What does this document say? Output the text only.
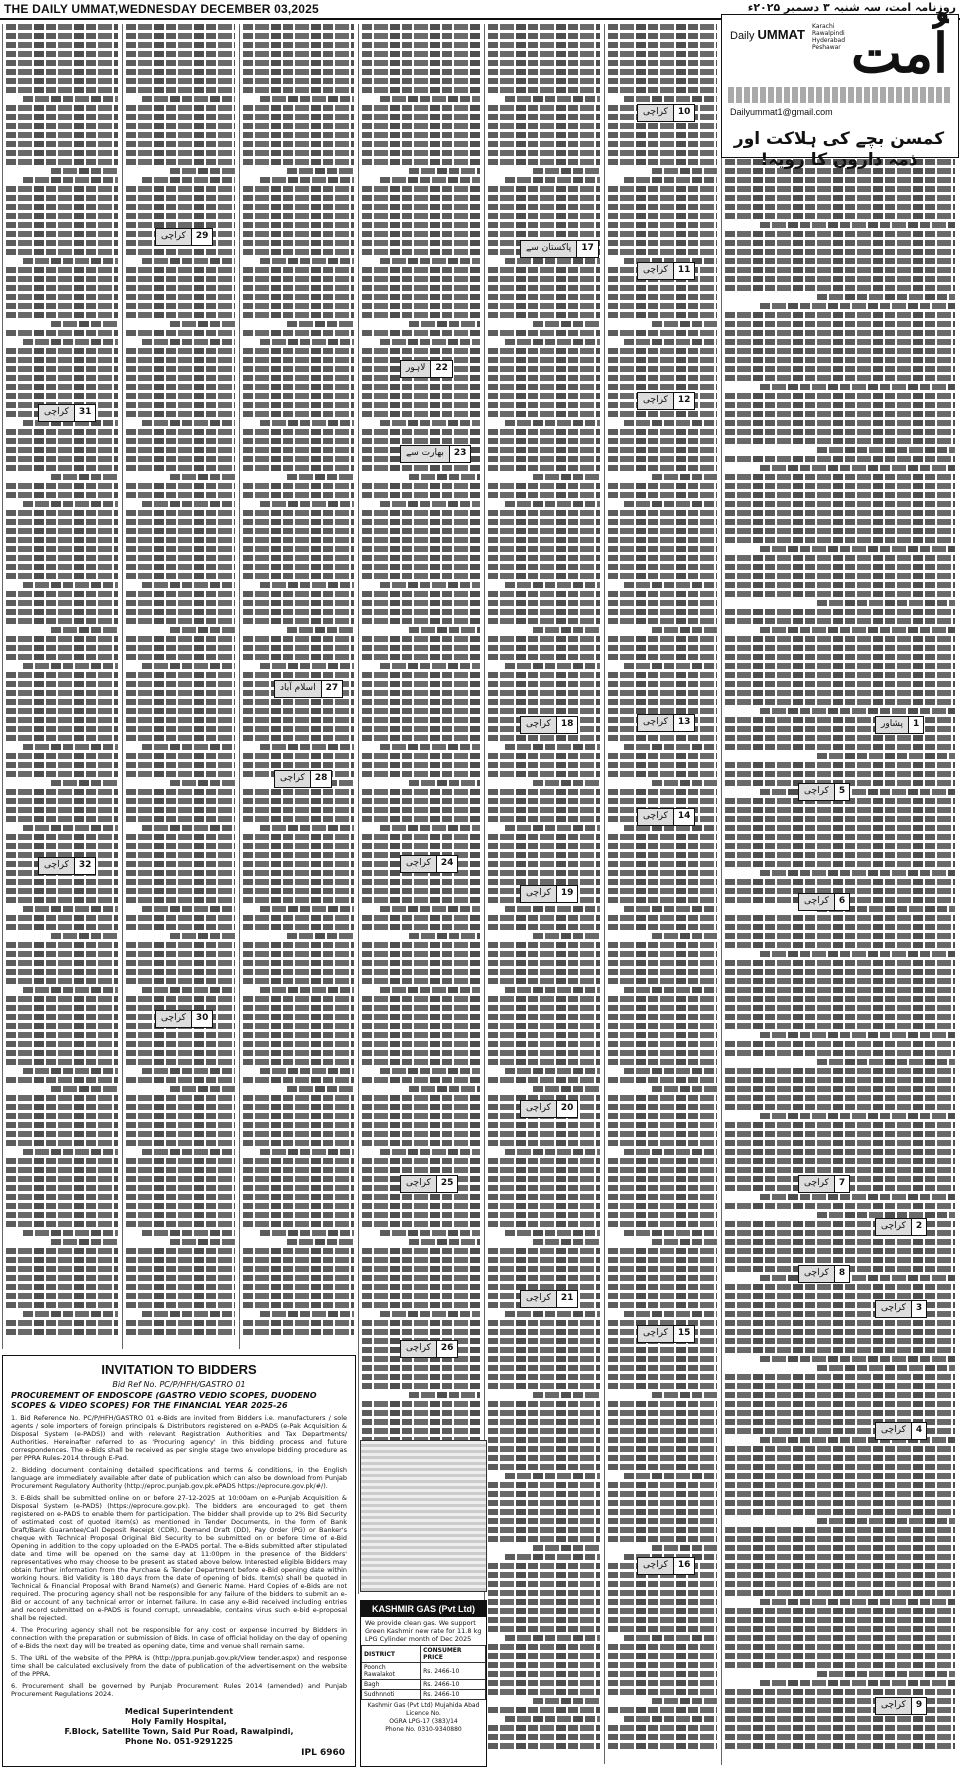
THE DAILY UMMAT,WEDNESDAY DECEMBER 03,2025	روزنامہ امت، سہ شنبہ ۳ دسمبر ۲۰۲۵ء
اُمت
Daily UMMAT
Karachi
Rawalpindi
Hyderabad
Peshawar
Dailyummat1@gmail.com
کمسن بچے کی ہلاکت اور ذمہ داروں کا رویہ!
10
کراچی
17
پاکستان سے
22
لاہور
23
بھارت سے
27
اسلام آباد
28
کراچی
29
کراچی
31
کراچی
11
کراچی
12
کراچی
13
کراچی
18
کراچی	1
پشاور
5
کراچی
6
کراچی
14
کراچی
19
کراچی
24
کراچی
30
کراچی
32
کراچی
20
کراچی
25
کراچی	7
کراچی
2
کراچی
8
کراچی
3
کراچی
15
کراچی
21
کراچی
26
کراچی
4
کراچی
16
کراچی
9
کراچی
INVITATION TO BIDDERS
Bid Ref No. PC/P/HFH/GASTRO 01
PROCUREMENT OF ENDOSCOPE (GASTRO VEDIO SCOPES, DUODENO SCOPES & VIDEO SCOPES) FOR THE FINANCIAL YEAR 2025-26
1. Bid Reference No. PC/P/HFH/GASTRO 01 e-Bids are invited from Bidders i.e. manufacturers / sole agents / sole importers of foreign principals & Distributors registered on e-PADS (e-Pak Acquisition & Disposal System (e-PADS)) and with relevant Registration Authorities and Tax Departments/ Authorities. Hereinafter referred to as 'Procuring agency' in this bidding process and future correspondences. The e-Bids shall be received as per single stage two envelope bidding procedure as per PPRA Rules-2014 through E-Pad.
2. Bidding document containing detailed specifications and terms & conditions, in the English language are immediately available after date of publication which can also be download from Punjab Procurement Regulatory Authority (http://eproc.punjab.gov.pk.ePADS https://eprocure.gov.pk/#/).
3. E-Bids shall be submitted online on or before 27-12-2025 at 10:00am on e-Punjab Acquisition & Disposal System (e-PADS) (https://eprocure.gov.pk). The bidders are encouraged to get them registered on e-PADS to enable them for participation. The bidder shall provide up to 2% Bid Security of estimated cost of quoted item(s) as mentioned in Tender Documents, in the form of Bank Draft/Bank Guarantee/Call Deposit Receipt (CDR), Demand Draft (DD), Pay Order (PG) or Banker's cheque with Technical Proposal Original Bid Security to be submitted on or before time of e-Bid Opening in addition to the copy uploaded on the E-PADS portal. The e-Bids submitted after stipulated date and time will be opened on the same day at 11:00pm in the presence of the Bidders' representatives who may choose to be present as stated above below. Interested eligible Bidders may obtain further information from the Purchase & Tender Department before e-Bid opening date within working hours. Bid Validity is 180 days from the date of opening of bids. Item(s) shall be quoted in Technical & Financial Proposal with Brand Name(s) and Generic Name. Hard Copies of e-Bids are not required. The procuring agency shall not be responsible for any failure of the bidders to submit an e-Bid or account of any technical error or internet failure. In case any e-Bid received including entries and record submitted on e-PADS is found corrupt, unreadable, contains virus such e-bid e-proposal shall be rejected.
4. The Procuring agency shall not be responsible for any cost or expense incurred by Bidders in connection with the preparation or submission of Bids. In case of official holiday on the day of opening of e-Bids the next day will be treated as opening date, time and venue shall remain same.
5. The URL of the website of the PPRA is (http://ppra.punjab.gov.pk/View tender.aspx) and response time shall be calculated exclusively from the date of publication of the advertisement on the website of the PPRA.
6. Procurement shall be governed by Punjab Procurement Rules 2014 (amended) and Punjab Procurement Regulations 2024.
Medical Superintendent
Holy Family Hospital,
F.Block, Satellite Town, Said Pur Road, Rawalpindi,
Phone No. 051-9291225
IPL 6960
KASHMIR GAS (Pvt Ltd)
We provide clean gas. We support Green Kashmir new rate for 11.8 kg LPG Cylinder month of Dec 2025
DISTRICT	CONSUMER PRICE
Poonch Rawalakot	Rs. 2466-10
Bagh	Rs. 2466-10
Sudhnnoti	Rs. 2466-10
Kashmir Gas (Pvt Ltd) Mujahida Abad
Licence No.
OGRA LPG-17 (383)/14
Phone No. 0310-9340880
